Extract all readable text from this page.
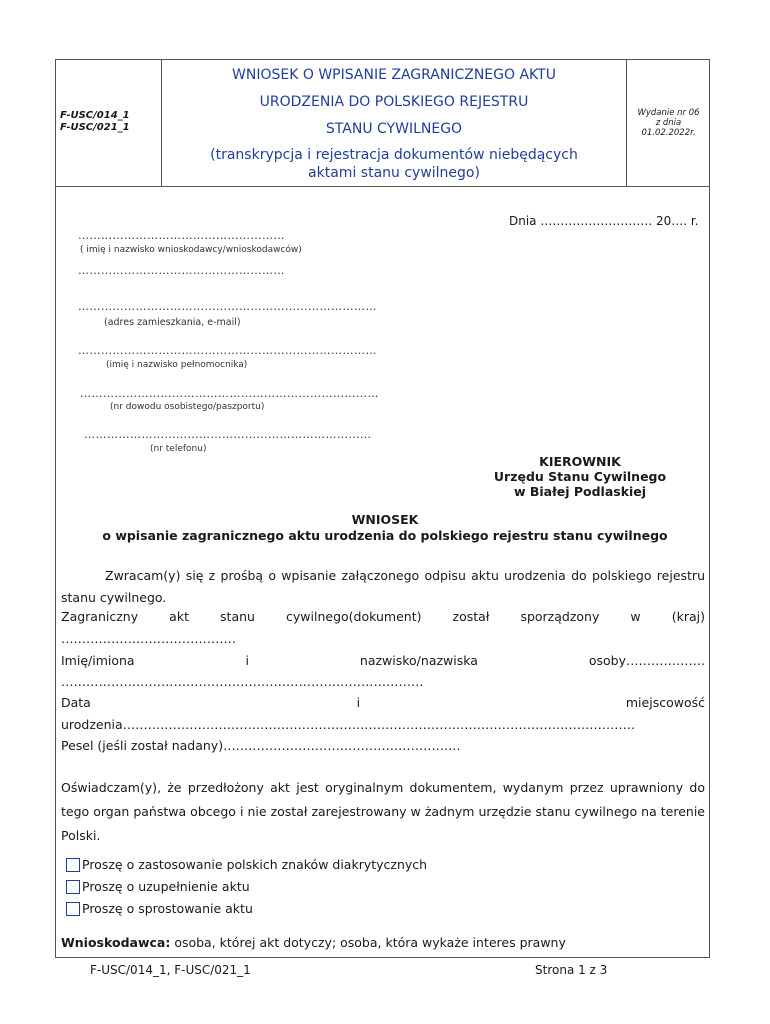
F-USC/014_1
F-USC/021_1
WNIOSEK O WPISANIE ZAGRANICZNEGO AKTU
URODZENIA DO POLSKIEGO REJESTRU
STANU CYWILNEGO
(transkrypcja i rejestracja dokumentów niebędących
aktami stanu cywilnego)
Wydanie nr 06
z dnia
01.02.2022r.
Dnia ………………………. 20…. r.
………………………………………………
( imię i nazwisko wnioskodawcy/wnioskodawców)
………………………………………………
……………………………………………………………………
(adres zamieszkania, e-mail)
……………………………………………………………………
(imię i nazwisko pełnomocnika)
……………………………………………………………………
(nr dowodu osobistego/paszportu)
…………………………………………………………………
(nr telefonu)
KIEROWNIK
Urzędu Stanu Cywilnego
w Białej Podlaskiej
WNIOSEK
o wpisanie zagranicznego aktu urodzenia do polskiego rejestru stanu cywilnego
Zwracam(y) się z prośbą o wpisanie załączonego odpisu aktu urodzenia do polskiego rejestru stanu cywilnego.
Zagraniczny akt stanu cywilnego(dokument) został sporządzony w (kraj)
……………………………………
Imię/imiona	i	nazwisko/nazwiska	osoby……………….
……………………………………………………………………………
Data	i	miejscowość
urodzenia……………………………………………………………………………………………………………
Pesel (jeśli został nadany)…………………………………………………
Oświadczam(y), że przedłożony akt jest oryginalnym dokumentem, wydanym przez uprawniony do tego organ państwa obcego i nie został zarejestrowany w żadnym urzędzie stanu cywilnego na terenie Polski.
Proszę o zastosowanie polskich znaków diakrytycznych
Proszę o uzupełnienie aktu
Proszę o sprostowanie aktu
Wnioskodawca: osoba, której akt dotyczy; osoba, która wykaże interes prawny
F-USC/014_1, F-USC/021_1	Strona 1 z 3
